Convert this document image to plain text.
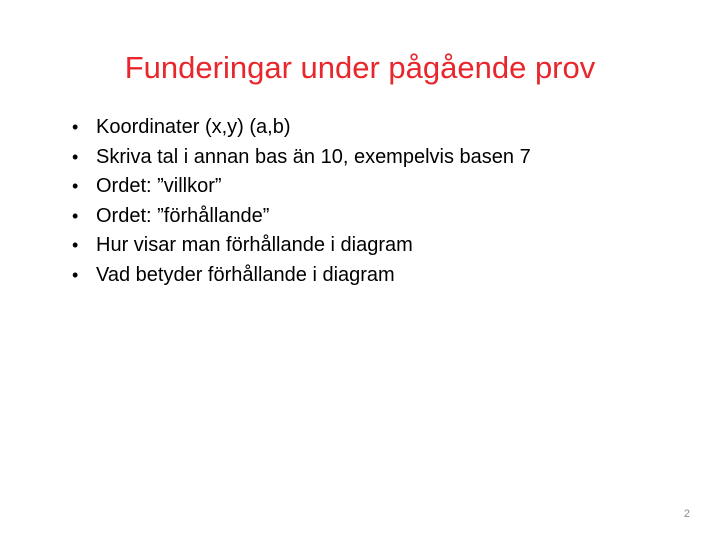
Funderingar under pågående prov
• Koordinater (x,y) (a,b)
• Skriva tal i annan bas än 10, exempelvis basen 7
• Ordet: ”villkor”
• Ordet: ”förhållande”
• Hur visar man förhållande i diagram
• Vad betyder förhållande i diagram
2
